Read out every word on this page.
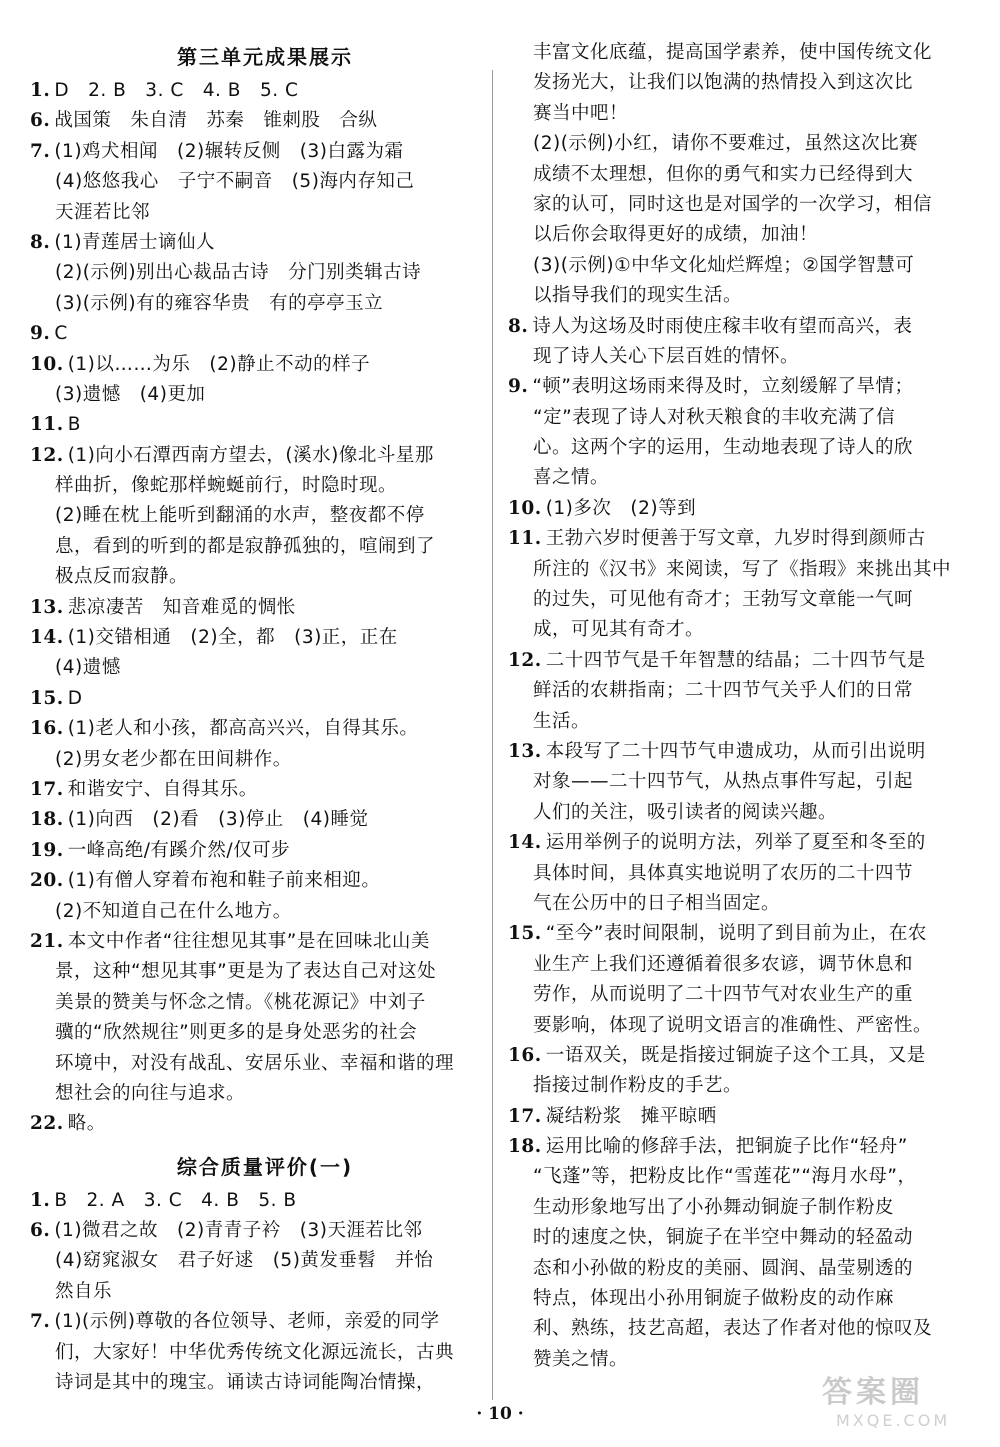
第三单元成果展示
1. D　2. B　3. C　4. B　5. C
6. 战国策　朱自清　苏秦　锥刺股　合纵
7. (1)鸡犬相闻　(2)辗转反侧　(3)白露为霜
(4)悠悠我心　子宁不嗣音　(5)海内存知己
天涯若比邻
8. (1)青莲居士谪仙人
(2)(示例)别出心裁品古诗　分门别类辑古诗
(3)(示例)有的雍容华贵　有的亭亭玉立
9. C
10. (1)以……为乐　(2)静止不动的样子
(3)遗憾　(4)更加
11. B
12. (1)向小石潭西南方望去，(溪水)像北斗星那
样曲折，像蛇那样蜿蜒前行，时隐时现。
(2)睡在枕上能听到翻涌的水声，整夜都不停
息，看到的听到的都是寂静孤独的，喧闹到了
极点反而寂静。
13. 悲凉凄苦　知音难觅的惆怅
14. (1)交错相通　(2)全，都　(3)正，正在
(4)遗憾
15. D
16. (1)老人和小孩，都高高兴兴，自得其乐。
(2)男女老少都在田间耕作。
17. 和谐安宁、自得其乐。
18. (1)向西　(2)看　(3)停止　(4)睡觉
19. 一峰高绝/有蹊介然/仅可步
20. (1)有僧人穿着布袍和鞋子前来相迎。
(2)不知道自己在什么地方。
21. 本文中作者“往往想见其事”是在回味北山美
景，这种“想见其事”更是为了表达自己对这处
美景的赞美与怀念之情。《桃花源记》中刘子
骥的“欣然规往”则更多的是身处恶劣的社会
环境中，对没有战乱、安居乐业、幸福和谐的理
想社会的向往与追求。
22. 略。
综合质量评价(一)
1. B　2. A　3. C　4. B　5. B
6. (1)微君之故　(2)青青子衿　(3)天涯若比邻
(4)窈窕淑女　君子好逑　(5)黄发垂髫　并怡
然自乐
7. (1)(示例)尊敬的各位领导、老师，亲爱的同学
们，大家好！中华优秀传统文化源远流长，古典
诗词是其中的瑰宝。诵读古诗词能陶冶情操，
丰富文化底蕴，提高国学素养，使中国传统文化
发扬光大，让我们以饱满的热情投入到这次比
赛当中吧！
(2)(示例)小红，请你不要难过，虽然这次比赛
成绩不太理想，但你的勇气和实力已经得到大
家的认可，同时这也是对国学的一次学习，相信
以后你会取得更好的成绩，加油！
(3)(示例)①中华文化灿烂辉煌；②国学智慧可
以指导我们的现实生活。
8. 诗人为这场及时雨使庄稼丰收有望而高兴，表
现了诗人关心下层百姓的情怀。
9. “顿”表明这场雨来得及时，立刻缓解了旱情；
“定”表现了诗人对秋天粮食的丰收充满了信
心。这两个字的运用，生动地表现了诗人的欣
喜之情。
10. (1)多次　(2)等到
11. 王勃六岁时便善于写文章，九岁时得到颜师古
所注的《汉书》来阅读，写了《指瑕》来挑出其中
的过失，可见他有奇才；王勃写文章能一气呵
成，可见其有奇才。
12. 二十四节气是千年智慧的结晶；二十四节气是
鲜活的农耕指南；二十四节气关乎人们的日常
生活。
13. 本段写了二十四节气申遗成功，从而引出说明
对象——二十四节气，从热点事件写起，引起
人们的关注，吸引读者的阅读兴趣。
14. 运用举例子的说明方法，列举了夏至和冬至的
具体时间，具体真实地说明了农历的二十四节
气在公历中的日子相当固定。
15. “至今”表时间限制，说明了到目前为止，在农
业生产上我们还遵循着很多农谚，调节休息和
劳作，从而说明了二十四节气对农业生产的重
要影响，体现了说明文语言的准确性、严密性。
16. 一语双关，既是指接过铜旋子这个工具，又是
指接过制作粉皮的手艺。
17. 凝结粉浆　摊平晾晒
18. 运用比喻的修辞手法，把铜旋子比作“轻舟”
“飞蓬”等，把粉皮比作“雪莲花”“海月水母”，
生动形象地写出了小孙舞动铜旋子制作粉皮
时的速度之快，铜旋子在半空中舞动的轻盈动
态和小孙做的粉皮的美丽、圆润、晶莹剔透的
特点，体现出小孙用铜旋子做粉皮的动作麻
利、熟练，技艺高超，表达了作者对他的惊叹及
赞美之情。
· 10 ·
答案圈
MXQE.COM
